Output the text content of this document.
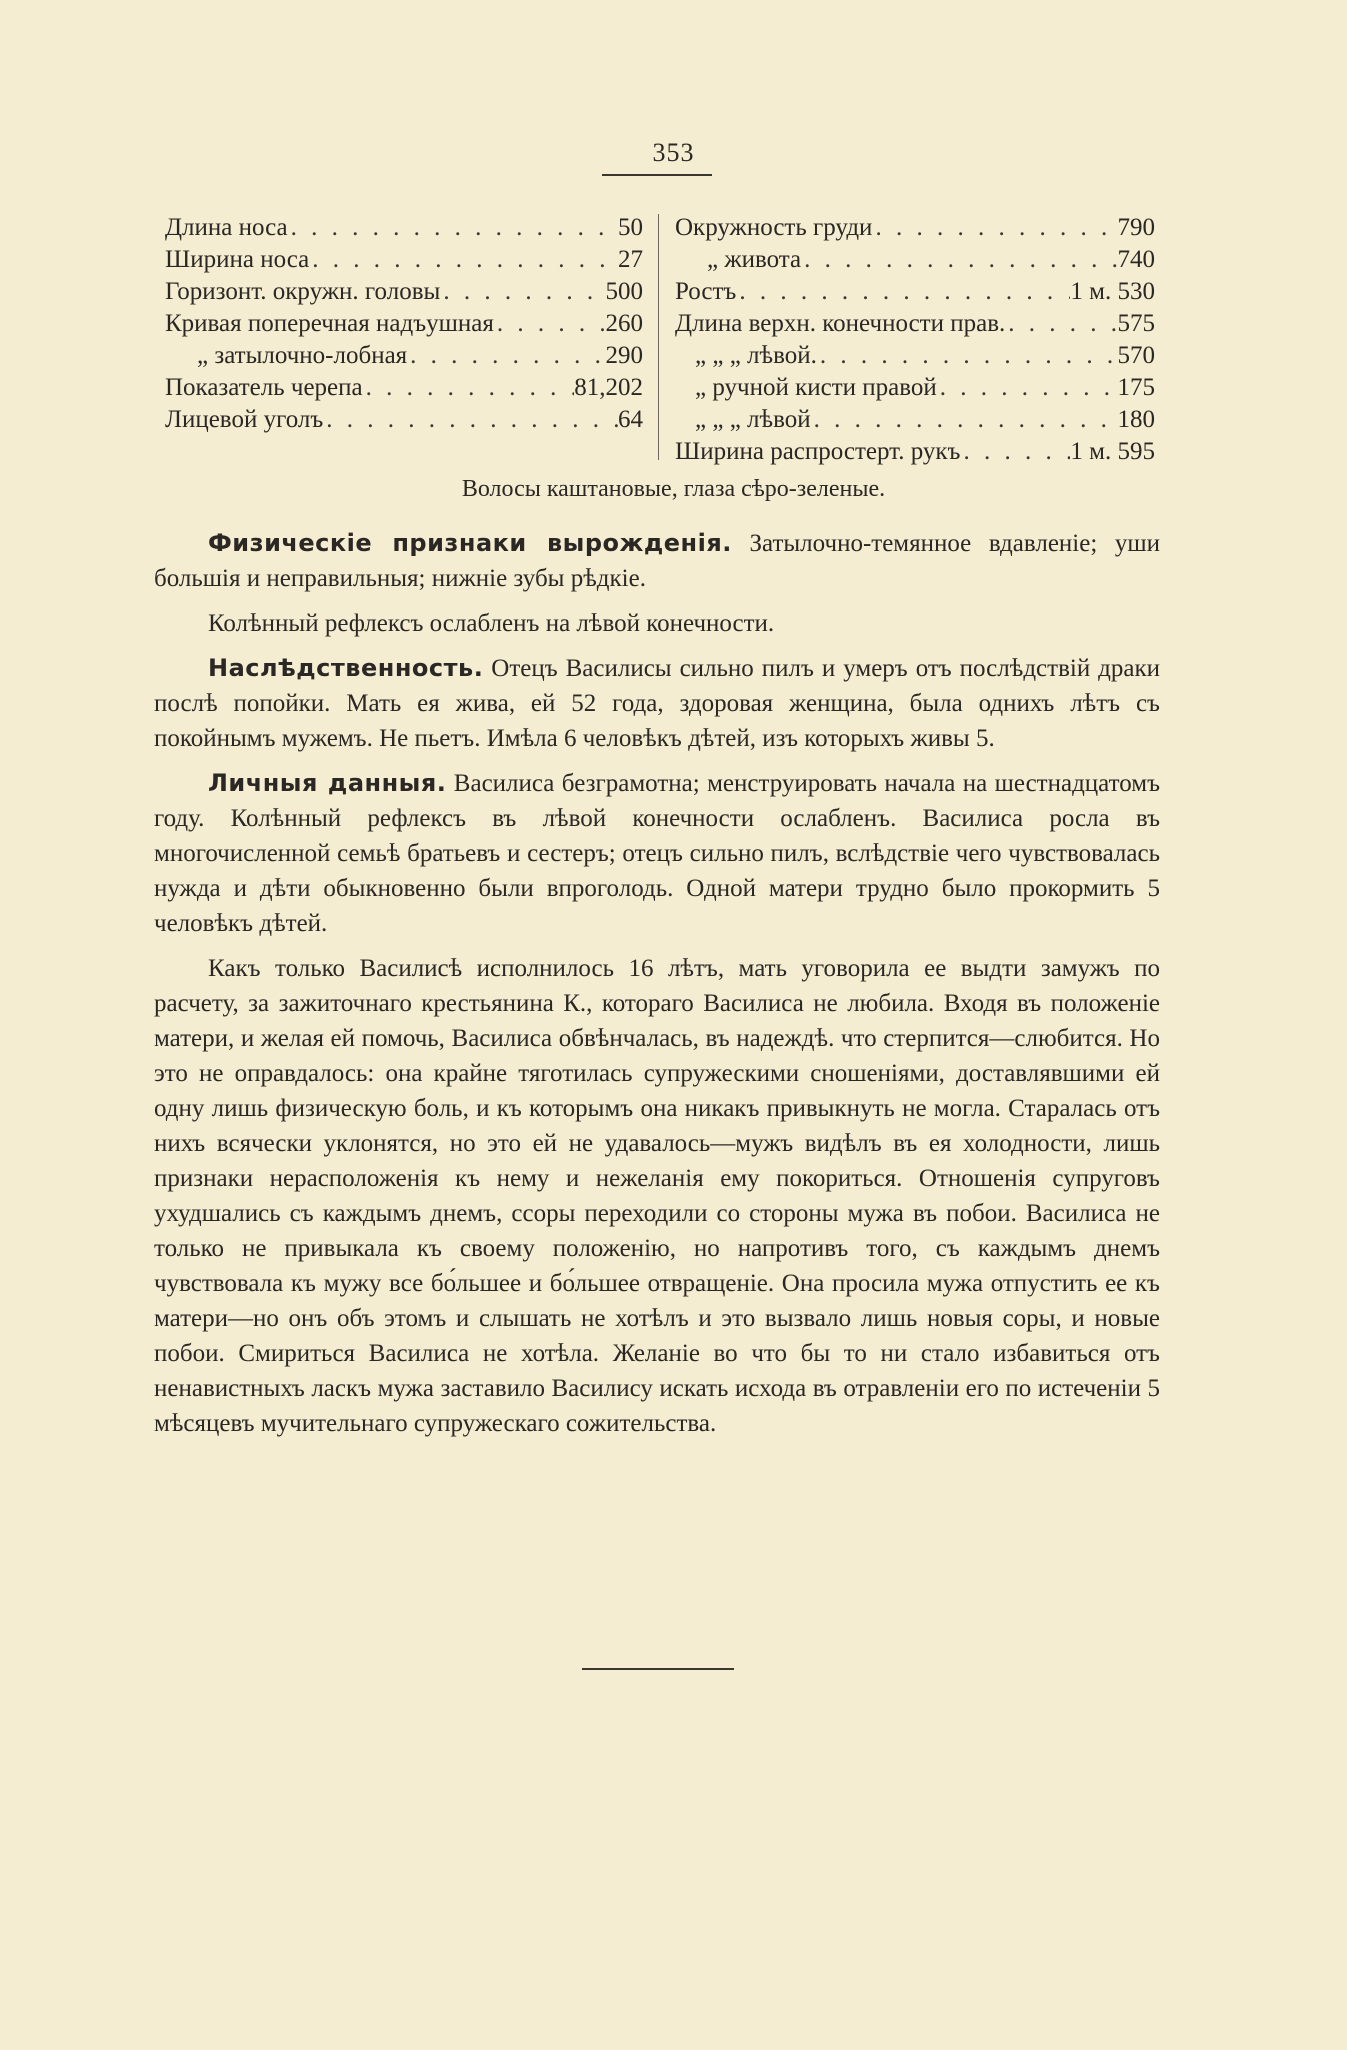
353
Длина носа . . .	50
Ширина носа . . .	27
Горизонт. окружн. головы . . .	500
Кривая поперечная надъушная . . .	260
„ затылочно-лобная . . .	290
Показатель черепа . . .	81,202
Лицевой уголъ . . .	64
Окружность груди . . .	790
„ живота . . .	740
Ростъ . . .	1 м. 530
Длина верхн. конечности прав. . . .	575
„ „ „ лѣвой. . . .	570
„ ручной кисти правой . . .	175
„ „ „ лѣвой . . .	180
Ширина распростерт. рукъ . . .	1 м. 595
Волосы каштановые, глаза сѣро-зеленые.

Физическіе признаки вырожденія. Затылочно-темянное вдавленіе; уши большія и неправильныя; нижніе зубы рѣдкіе.

Колѣнный рефлексъ ослабленъ на лѣвой конечности.

Наслѣдственность. Отецъ Василисы сильно пилъ и умеръ отъ послѣдствій драки послѣ попойки. Мать ея жива, ей 52 года, здоровая женщина, была однихъ лѣтъ съ покойнымъ мужемъ. Не пьетъ. Имѣла 6 человѣкъ дѣтей, изъ которыхъ живы 5.

Личныя данныя. Василиса безграмотна; менструировать начала на шестнадцатомъ году. Колѣнный рефлексъ въ лѣвой конечности ослабленъ. Василиса росла въ многочисленной семьѣ братьевъ и сестеръ; отецъ сильно пилъ, вслѣдствіе чего чувствовалась нужда и дѣти обыкновенно были впроголодь. Одной матери трудно было прокормить 5 человѣкъ дѣтей.

Какъ только Василисѣ исполнилось 16 лѣтъ, мать уговорила ее выдти замужъ по расчету, за зажиточнаго крестьянина К., котораго Василиса не любила. Входя въ положеніе матери, и желая ей помочь, Василиса обвѣнчалась, въ надеждѣ. что стерпится—слюбится. Но это не оправдалось: она крайне тяготилась супружескими сношеніями, доставлявшими ей одну лишь физическую боль, и къ которымъ она никакъ привыкнуть не могла. Старалась отъ нихъ всячески уклонятся, но это ей не удавалось—мужъ видѣлъ въ ея холодности, лишь признаки нерасположенія къ нему и нежеланія ему покориться. Отношенія супруговъ ухудшались съ каждымъ днемъ, ссоры переходили со стороны мужа въ побои. Василиса не только не привыкала къ своему положенію, но напротивъ того, съ каждымъ днемъ чувствовала къ мужу все бо́льшее и бо́льшее отвращеніе. Она просила мужа отпустить ее къ матери—но онъ объ этомъ и слышать не хотѣлъ и это вызвало лишь новыя соры, и новые побои. Смириться Василиса не хотѣла. Желаніе во что бы то ни стало избавиться отъ ненавистныхъ ласкъ мужа заставило Василису искать исхода въ отравленіи его по истеченіи 5 мѣсяцевъ мучительнаго супружескаго сожительства.
